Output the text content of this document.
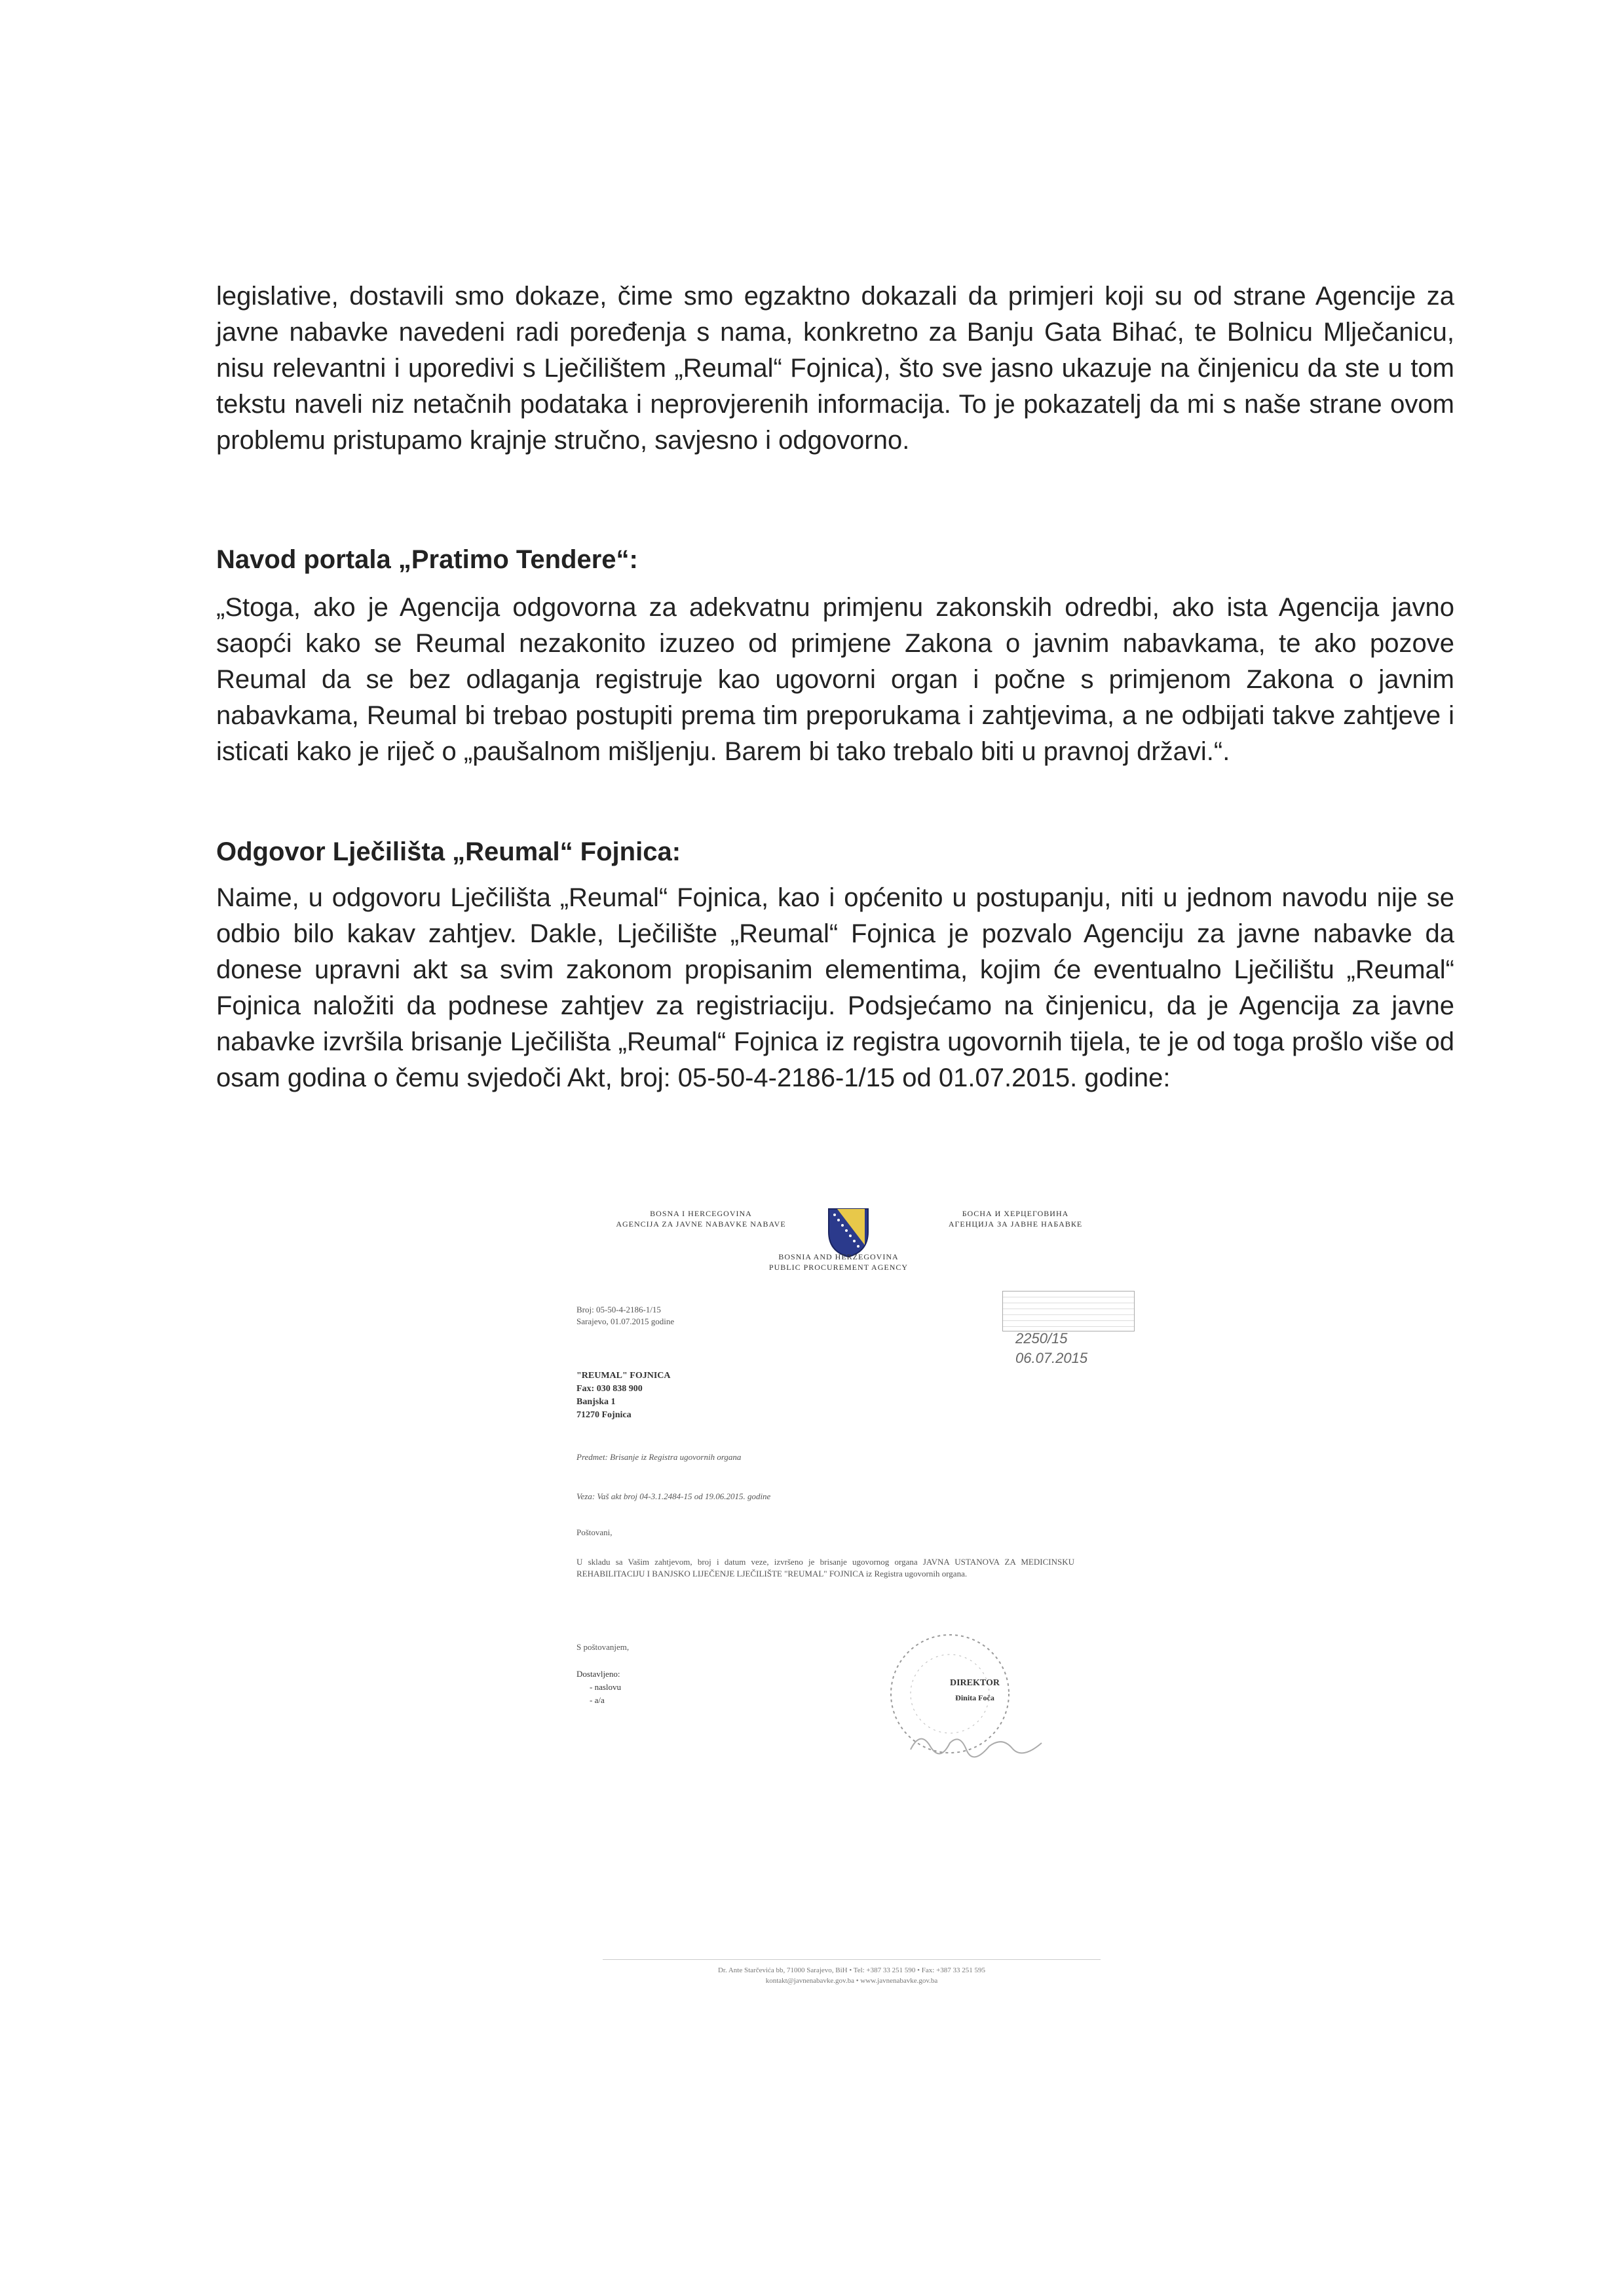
legislative, dostavili smo dokaze, čime smo egzaktno dokazali da primjeri koji su od strane Agencije za javne nabavke navedeni radi poređenja s nama, konkretno za Banju Gata Bihać, te Bolnicu Mlječanicu, nisu relevantni i uporedivi s Lječilištem „Reumal“ Fojnica), što sve jasno ukazuje na činjenicu da ste u tom tekstu naveli niz netačnih podataka i neprovjerenih informacija. To je pokazatelj da mi s naše strane ovom problemu pristupamo krajnje stručno, savjesno i odgovorno.

Navod portala „Pratimo Tendere“:

„Stoga, ako je Agencija odgovorna za adekvatnu primjenu zakonskih odredbi, ako ista Agencija javno saopći kako se Reumal nezakonito izuzeo od primjene Zakona o javnim nabavkama, te ako pozove Reumal da se bez odlaganja registruje kao ugovorni organ i počne s primjenom Zakona o javnim nabavkama, Reumal bi trebao postupiti prema tim preporukama i zahtjevima, a ne odbijati takve zahtjeve i isticati kako je riječ o „paušalnom mišljenju. Barem bi tako trebalo biti u pravnoj državi.“.

Odgovor Lječilišta „Reumal“ Fojnica:

Naime, u odgovoru Lječilišta „Reumal“ Fojnica, kao i općenito u postupanju, niti u jednom navodu nije se odbio bilo kakav zahtjev. Dakle, Lječilište „Reumal“ Fojnica je pozvalo Agenciju za javne nabavke da donese upravni akt sa svim zakonom propisanim elementima, kojim će eventualno Lječilištu „Reumal“ Fojnica naložiti da podnese zahtjev za registriaciju. Podsjećamo na činjenicu, da je Agencija za javne nabavke izvršila brisanje Lječilišta „Reumal“ Fojnica iz registra ugovornih tijela, te je od toga prošlo više od osam godina o čemu svjedoči Akt, broj: 05-50-4-2186-1/15 od 01.07.2015. godine:

BOSNA I HERCEGOVINA
AGENCIJA ZA JAVNE NABAVKE NABAVE
БОСНА И ХЕРЦЕГОВИНА
АГЕНЦИЈА ЗА ЈАВНЕ НАБАВКЕ
BOSNIA AND HERZEGOVINA
PUBLIC PROCUREMENT AGENCY
Broj: 05-50-4-2186-1/15
Sarajevo, 01.07.2015 godine
2250/15
06.07.2015
"REUMAL" FOJNICA
Fax: 030 838 900
Banjska 1
71270 Fojnica
Predmet: Brisanje iz Registra ugovornih organa
Veza: Vaš akt broj 04-3.1.2484-15 od 19.06.2015. godine
Poštovani,
U skladu sa Vašim zahtjevom, broj i datum veze, izvršeno je brisanje ugovornog organa JAVNA USTANOVA ZA MEDICINSKU REHABILITACIJU I BANJSKO LIJEČENJE LJEČILIŠTE "REUMAL" FOJNICA iz Registra ugovornih organa.
S poštovanjem,
Dostavljeno:
- naslovu
- a/a
DIREKTOR
Đinita Foča
Dr. Ante Starčevića bb, 71000 Sarajevo, BiH • Tel: +387 33 251 590 • Fax: +387 33 251 595
kontakt@javnenabavke.gov.ba • www.javnenabavke.gov.ba
